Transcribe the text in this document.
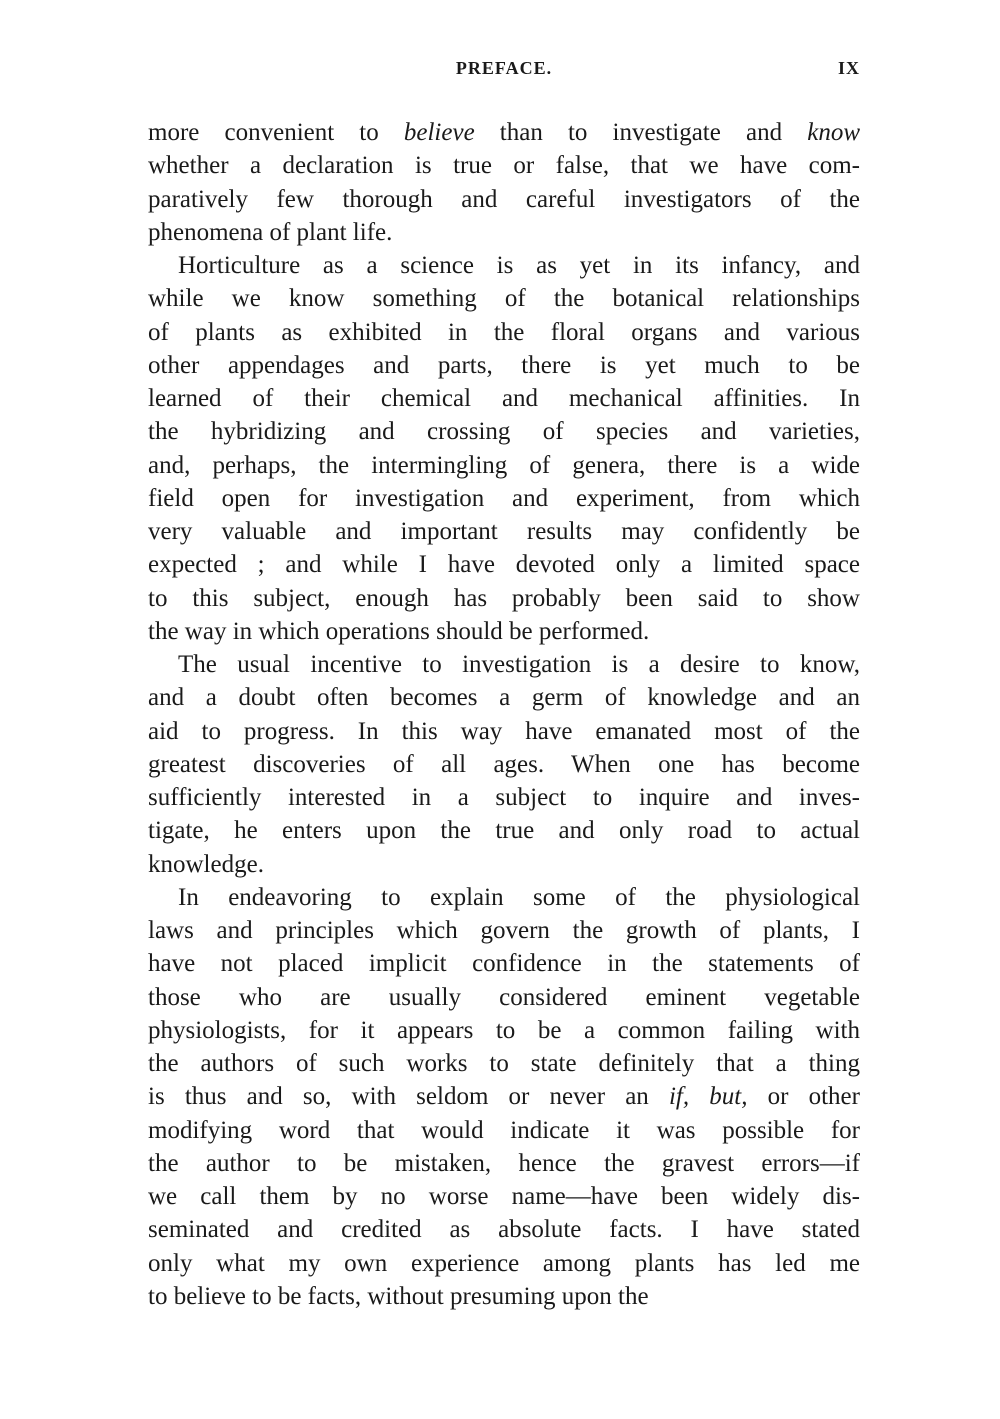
PREFACE.	IX
more convenient to believe than to investigate and know
whether a declaration is true or false, that we have com-
paratively few thorough and careful investigators of the
phenomena of plant life.
Horticulture as a science is as yet in its infancy, and
while we know something of the botanical relationships
of plants as exhibited in the floral organs and various
other appendages and parts, there is yet much to be
learned of their chemical and mechanical affinities. In
the hybridizing and crossing of species and varieties,
and, perhaps, the intermingling of genera, there is a wide
field open for investigation and experiment, from which
very valuable and important results may confidently be
expected ; and while I have devoted only a limited space
to this subject, enough has probably been said to show
the way in which operations should be performed.
The usual incentive to investigation is a desire to know,
and a doubt often becomes a germ of knowledge and an
aid to progress. In this way have emanated most of the
greatest discoveries of all ages. When one has become
sufficiently interested in a subject to inquire and inves-
tigate, he enters upon the true and only road to actual
knowledge.
In endeavoring to explain some of the physiological
laws and principles which govern the growth of plants, I
have not placed implicit confidence in the statements of
those who are usually considered eminent vegetable
physiologists, for it appears to be a common failing with
the authors of such works to state definitely that a thing
is thus and so, with seldom or never an if, but, or other
modifying word that would indicate it was possible for
the author to be mistaken, hence the gravest errors—if
we call them by no worse name—have been widely dis-
seminated and credited as absolute facts. I have stated
only what my own experience among plants has led me
to believe to be facts, without presuming upon the
